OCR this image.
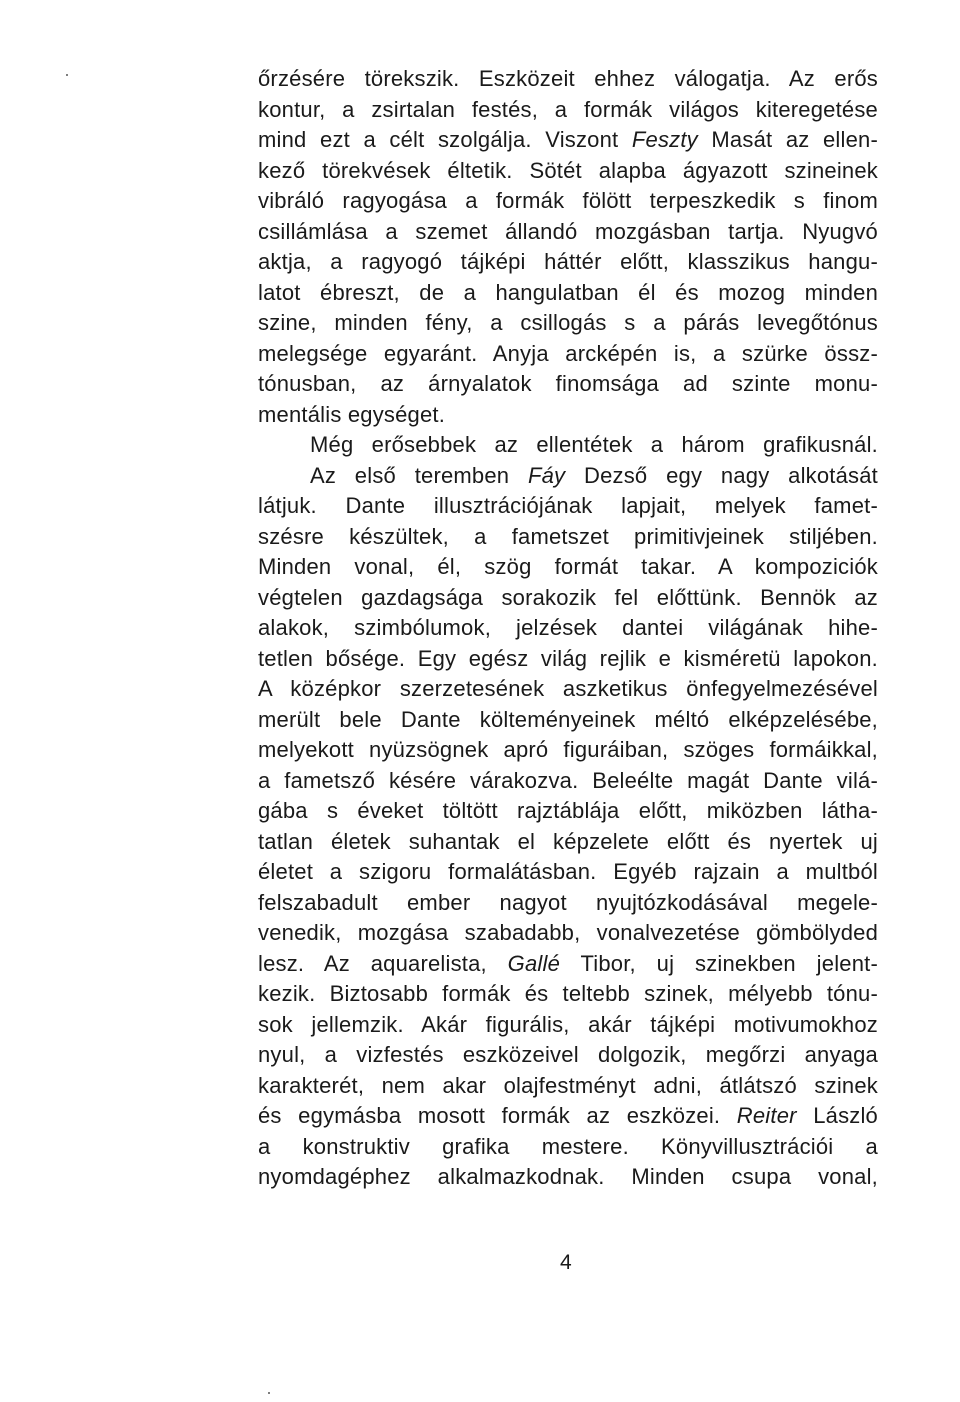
őrzésére törekszik. Eszközeit ehhez válogatja. Az erős
kontur, a zsirtalan festés, a formák világos kiteregetése
mind ezt a célt szolgálja. Viszont Feszty Masát az ellen-
kező törekvések éltetik. Sötét alapba ágyazott szineinek
vibráló ragyogása a formák fölött terpeszkedik s finom
csillámlása a szemet állandó mozgásban tartja. Nyugvó
aktja, a ragyogó tájképi háttér előtt, klasszikus hangu-
latot ébreszt, de a hangulatban él és mozog minden
szine, minden fény, a csillogás s a párás levegőtónus
melegsége egyaránt. Anyja arcképén is, a szürke össz-
tónusban, az árnyalatok finomsága ad szinte monu-
mentális egységet.
Még erősebbek az ellentétek a három grafikusnál.
Az első teremben Fáy Dezső egy nagy alkotását
látjuk. Dante illusztrációjának lapjait, melyek famet-
szésre készültek, a fametszet primitivjeinek stiljében.
Minden vonal, él, szög formát takar. A kompoziciók
végtelen gazdagsága sorakozik fel előttünk. Bennök az
alakok, szimbólumok, jelzések dantei világának hihe-
tetlen bősége. Egy egész világ rejlik e kisméretü lapokon.
A középkor szerzetesének aszketikus önfegyelmezésével
merült bele Dante költeményeinek méltó elképzelésébe,
melyekott nyüzsögnek apró figuráiban, szöges formáikkal,
a fametsző késére várakozva. Beleélte magát Dante vilá-
gába s éveket töltött rajztáblája előtt, miközben látha-
tatlan életek suhantak el képzelete előtt és nyertek uj
életet a szigoru formalátásban. Egyéb rajzain a multból
felszabadult ember nagyot nyujtózkodásával megele-
venedik, mozgása szabadabb, vonalvezetése gömbölyded
lesz. Az aquarelista, Gallé Tibor, uj szinekben jelent-
kezik. Biztosabb formák és teltebb szinek, mélyebb tónu-
sok jellemzik. Akár figurális, akár tájképi motivumokhoz
nyul, a vizfestés eszközeivel dolgozik, megőrzi anyaga
karakterét, nem akar olajfestményt adni, átlátszó szinek
és egymásba mosott formák az eszközei. Reiter László
a konstruktiv grafika mestere. Könyvillusztrációi a
nyomdagéphez alkalmazkodnak. Minden csupa vonal,
4
